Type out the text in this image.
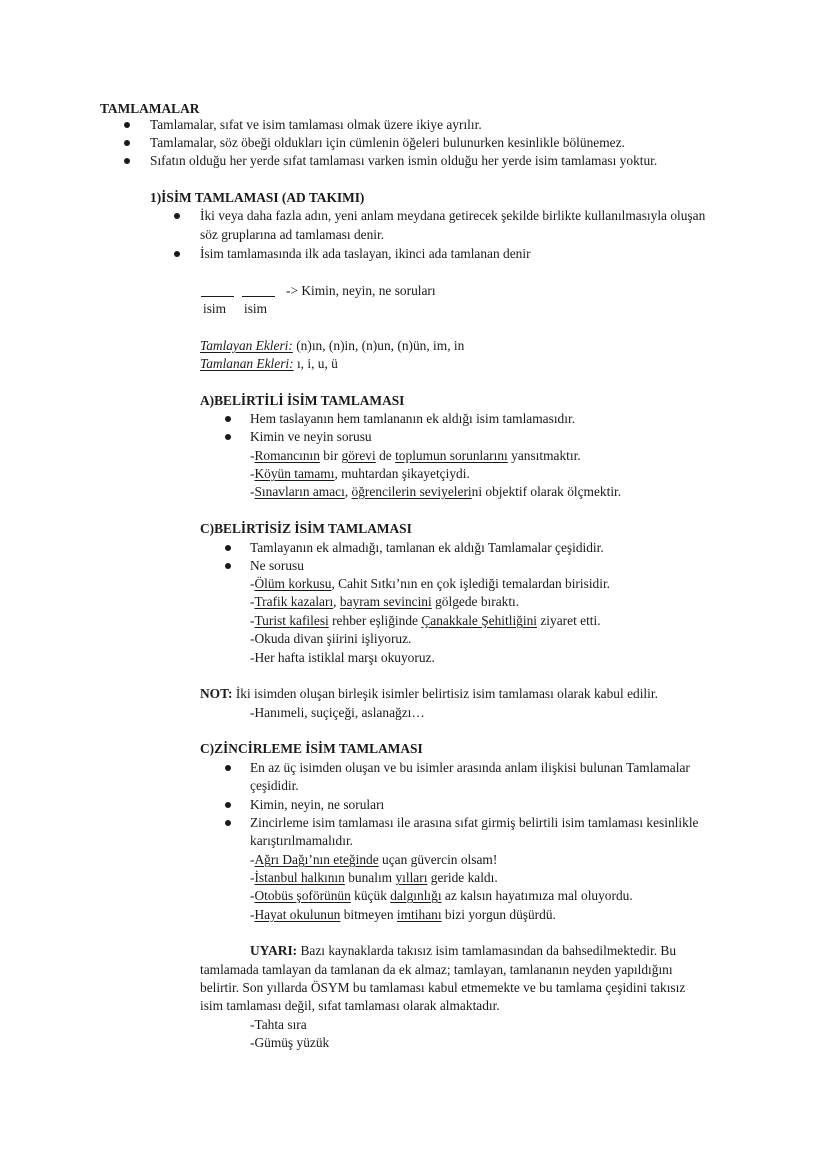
TAMLAMALAR
Tamlamalar, sıfat ve isim tamlaması olmak üzere ikiye ayrılır.
Tamlamalar, söz öbeği oldukları için cümlenin öğeleri bulunurken kesinlikle bölünemez.
Sıfatın olduğu her yerde sıfat tamlaması varken ismin olduğu her yerde isim tamlaması yoktur.
1)İSİM TAMLAMASI (AD TAKIMI)
İki veya daha fazla adın, yeni anlam meydana getirecek şekilde birlikte kullanılmasıyla oluşan
söz gruplarına ad tamlaması denir.
İsim tamlamasında ilk ada taslayan, ikinci ada tamlanan denir
-> Kimin, neyin, ne soruları
isim isim
Tamlayan Ekleri: (n)ın, (n)in, (n)un, (n)ün, im, in
Tamlanan Ekleri: ı, i, u, ü
A)BELİRTİLİ İSİM TAMLAMASI
Hem taslayanın hem tamlananın ek aldığı isim tamlamasıdır.
Kimin ve neyin sorusu
-Romancının bir görevi de toplumun sorunlarını yansıtmaktır.
-Köyün tamamı, muhtardan şikayetçiydi.
-Sınavların amacı, öğrencilerin seviyelerini objektif olarak ölçmektir.
C)BELİRTİSİZ İSİM TAMLAMASI
Tamlayanın ek almadığı, tamlanan ek aldığı Tamlamalar çeşididir.
Ne sorusu
-Ölüm korkusu, Cahit Sıtkı’nın en çok işlediği temalardan birisidir.
-Trafik kazaları, bayram sevincini gölgede bıraktı.
-Turist kafilesi rehber eşliğinde Çanakkale Şehitliğini ziyaret etti.
-Okuda divan şiirini işliyoruz.
-Her hafta istiklal marşı okuyoruz.
NOT: İki isimden oluşan birleşik isimler belirtisiz isim tamlaması olarak kabul edilir.
-Hanımeli, suçiçeği, aslanağzı…
C)ZİNCİRLEME İSİM TAMLAMASI
En az üç isimden oluşan ve bu isimler arasında anlam ilişkisi bulunan Tamlamalar
çeşididir.
Kimin, neyin, ne soruları
Zincirleme isim tamlaması ile arasına sıfat girmiş belirtili isim tamlaması kesinlikle
karıştırılmamalıdır.
-Ağrı Dağı’nın eteğinde uçan güvercin olsam!
-İstanbul halkının bunalım yılları geride kaldı.
-Otobüs şoförünün küçük dalgınlığı az kalsın hayatımıza mal oluyordu.
-Hayat okulunun bitmeyen imtihanı bizi yorgun düşürdü.
UYARI: Bazı kaynaklarda takısız isim tamlamasından da bahsedilmektedir. Bu
tamlamada tamlayan da tamlanan da ek almaz; tamlayan, tamlananın neyden yapıldığını
belirtir. Son yıllarda ÖSYM bu tamlaması kabul etmemekte ve bu tamlama çeşidini takısız
isim tamlaması değil, sıfat tamlaması olarak almaktadır.
-Tahta sıra
-Gümüş yüzük
